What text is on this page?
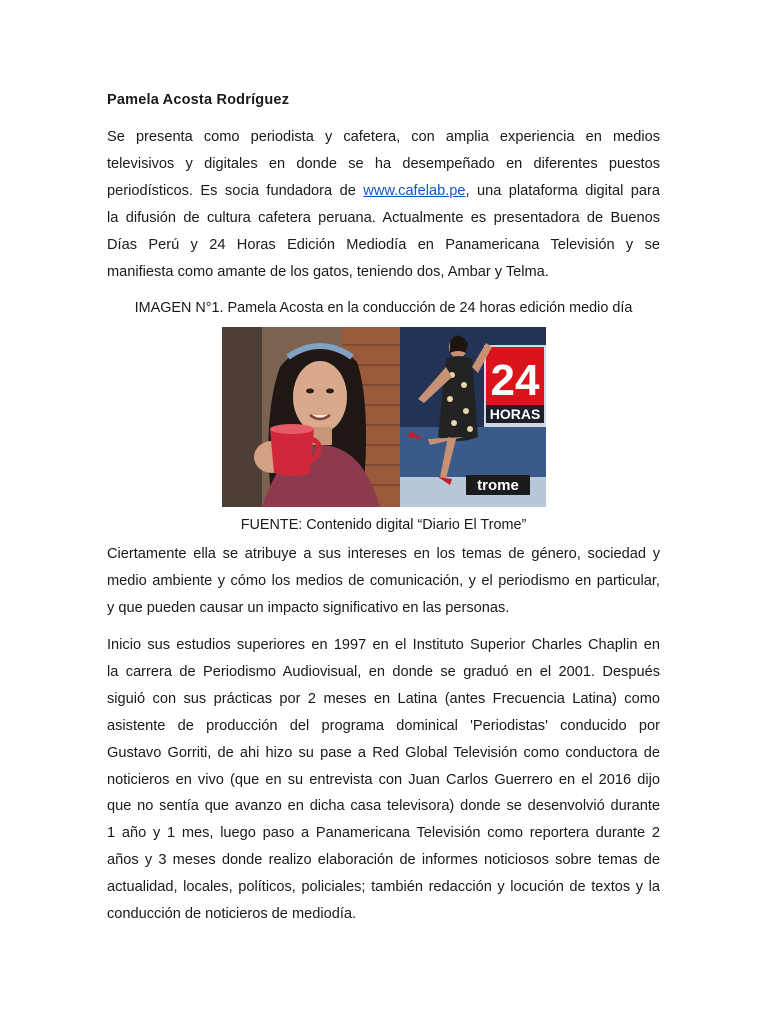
Pamela Acosta Rodríguez
Se presenta como periodista y cafetera, con amplia experiencia en medios
televisivos y digitales en donde se ha desempeñado en diferentes puestos
periodísticos. Es socia fundadora de www.cafelab.pe, una plataforma digital para
la difusión de cultura cafetera peruana. Actualmente es presentadora de Buenos
Días Perú y 24 Horas Edición Mediodía en Panamericana Televisión y se
manifiesta como amante de los gatos, teniendo dos, Ambar y Telma.

IMAGEN N°1. Pamela Acosta en la conducción de 24 horas edición medio día

24
HORAS
trome

FUENTE: Contenido digital “Diario El Trome”

Ciertamente ella se atribuye a sus intereses en los temas de género, sociedad y
medio ambiente y cómo los medios de comunicación, y el periodismo en particular,
y que pueden causar un impacto significativo en las personas.
Inicio sus estudios superiores en 1997 en el Instituto Superior Charles Chaplin en
la carrera de Periodismo Audiovisual, en donde se graduó en el 2001. Después
siguió con sus prácticas por 2 meses en Latina (antes Frecuencia Latina) como
asistente de producción del programa dominical 'Periodistas' conducido por
Gustavo Gorriti, de ahi hizo su pase a Red Global Televisión como conductora de
noticieros en vivo (que en su entrevista con Juan Carlos Guerrero en el 2016 dijo
que no sentía que avanzo en dicha casa televisora) donde se desenvolvió durante
1 año y 1 mes, luego paso a Panamericana Televisión como reportera durante 2
años y 3 meses donde realizo elaboración de informes noticiosos sobre temas de
actualidad, locales, políticos, policiales; también redacción y locución de textos y la
conducción de noticieros de mediodía.
